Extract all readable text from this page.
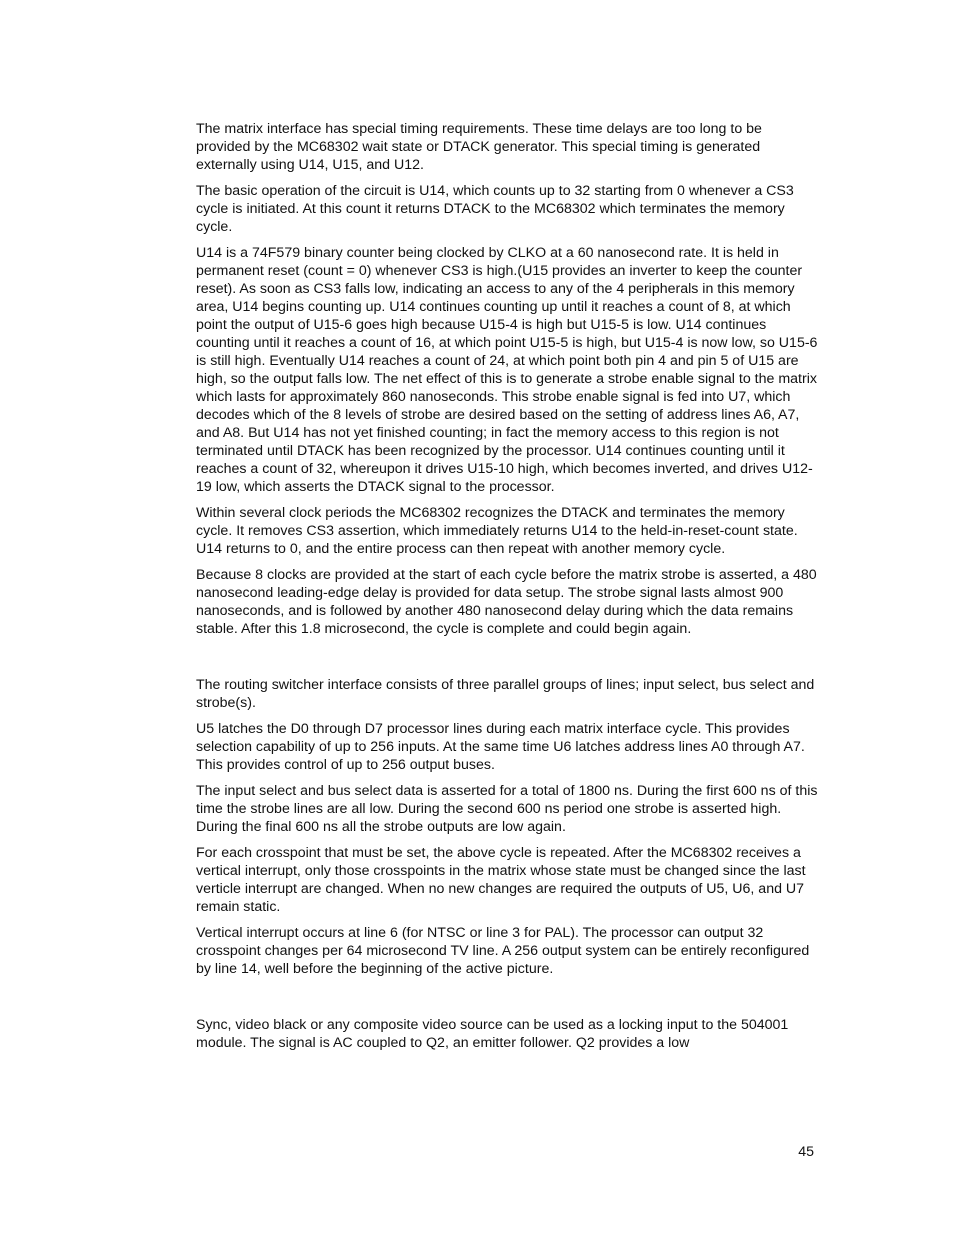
The matrix interface has special timing requirements. These time delays are too long to be provided by the MC68302 wait state or DTACK generator. This special timing is generated externally using U14, U15, and U12.

The basic operation of the circuit is U14, which counts up to 32 starting from 0 whenever a CS3 cycle is initiated. At this count it returns DTACK to the MC68302 which terminates the memory cycle.

U14 is a 74F579 binary counter being clocked by CLKO at a 60 nanosecond rate. It is held in permanent reset (count = 0) whenever CS3 is high.(U15 provides an inverter to keep the counter reset). As soon as CS3 falls low, indicating an access to any of the 4 peripherals in this memory area, U14 begins counting up. U14 continues counting up until it reaches a count of 8, at which point the output of U15-6 goes high because U15-4 is high but U15-5 is low. U14 continues counting until it reaches a count of 16, at which point U15-5 is high, but U15-4 is now low, so U15-6 is still high. Eventually U14 reaches a count of 24, at which point both pin 4 and pin 5 of U15 are high, so the output falls low. The net effect of this is to generate a strobe enable signal to the matrix which lasts for approximately 860 nanoseconds. This strobe enable signal is fed into U7, which decodes which of the 8 levels of strobe are desired based on the setting of address lines A6, A7, and A8. But U14 has not yet finished counting; in fact the memory access to this region is not terminated until DTACK has been recognized by the processor. U14 continues counting until it reaches a count of 32, whereupon it drives U15-10 high, which becomes inverted, and drives U12-19 low, which asserts the DTACK signal to the processor.

Within several clock periods the MC68302 recognizes the DTACK and terminates the memory cycle. It removes CS3 assertion, which immediately returns U14 to the held-in-reset-count state. U14 returns to 0, and the entire process can then repeat with another memory cycle.

Because 8 clocks are provided at the start of each cycle before the matrix strobe is asserted, a 480 nanosecond leading-edge delay is provided for data setup. The strobe signal lasts almost 900 nanoseconds, and is followed by another 480 nanosecond delay during which the data remains stable. After this 1.8 microsecond, the cycle is complete and could begin again.

The routing switcher interface consists of three parallel groups of lines; input select, bus select and strobe(s).

U5 latches the D0 through D7 processor lines during each matrix interface cycle. This provides selection capability of up to 256 inputs. At the same time U6 latches address lines A0 through A7. This provides control of up to 256 output buses.

The input select and bus select data is asserted for a total of 1800 ns. During the first 600 ns of this time the strobe lines are all low. During the second 600 ns period one strobe is asserted high. During the final 600 ns all the strobe outputs are low again.

For each crosspoint that must be set, the above cycle is repeated. After the MC68302 receives a vertical interrupt, only those crosspoints in the matrix whose state must be changed since the last verticle interrupt are changed. When no new changes are required the outputs of U5, U6, and U7 remain static.

Vertical interrupt occurs at line 6 (for NTSC or line 3 for PAL). The processor can output 32 crosspoint changes per 64 microsecond TV line. A 256 output system can be entirely reconfigured by line 14, well before the beginning of the active picture.

Sync, video black or any composite video source can be used as a locking input to the 504001 module. The signal is AC coupled to Q2, an emitter follower. Q2 provides a low

45
